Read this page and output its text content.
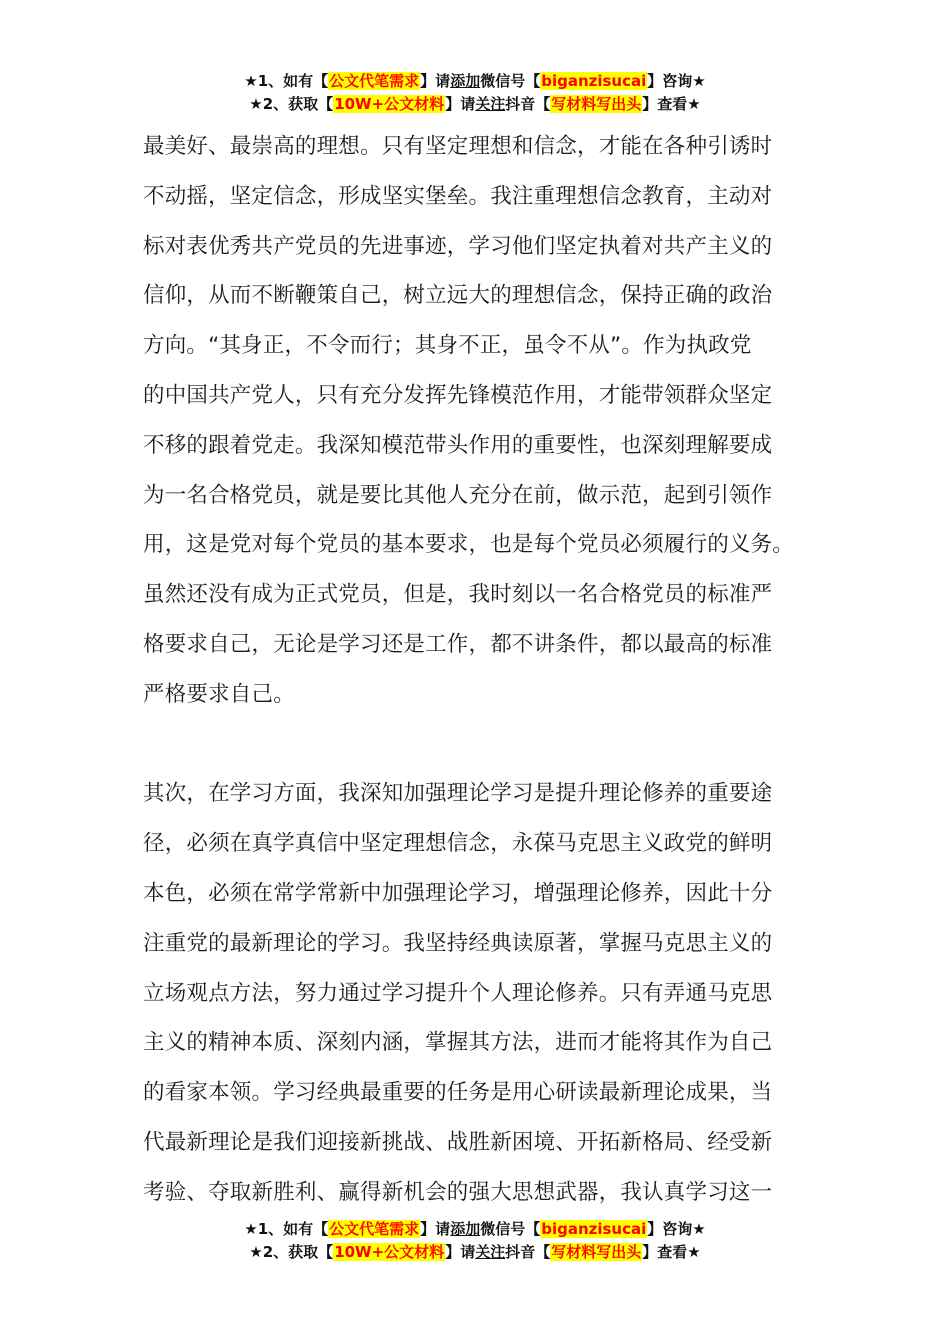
★1、如有【公文代笔需求】请添加微信号【biganzisucai】咨询★
★2、获取【10W+公文材料】请关注抖音【写材料写出头】查看★
最美好、最崇高的理想。只有坚定理想和信念，才能在各种引诱时
不动摇，坚定信念，形成坚实堡垒。我注重理想信念教育，主动对
标对表优秀共产党员的先进事迹，学习他们坚定执着对共产主义的
信仰，从而不断鞭策自己，树立远大的理想信念，保持正确的政治
方向。“其身正，不令而行；其身不正，虽令不从”。作为执政党
的中国共产党人，只有充分发挥先锋模范作用，才能带领群众坚定
不移的跟着党走。我深知模范带头作用的重要性，也深刻理解要成
为一名合格党员，就是要比其他人充分在前，做示范，起到引领作
用，这是党对每个党员的基本要求，也是每个党员必须履行的义务。
虽然还没有成为正式党员，但是，我时刻以一名合格党员的标准严
格要求自己，无论是学习还是工作，都不讲条件，都以最高的标准
严格要求自己。
其次，在学习方面，我深知加强理论学习是提升理论修养的重要途
径，必须在真学真信中坚定理想信念，永葆马克思主义政党的鲜明
本色，必须在常学常新中加强理论学习，增强理论修养，因此十分
注重党的最新理论的学习。我坚持经典读原著，掌握马克思主义的
立场观点方法，努力通过学习提升个人理论修养。只有弄通马克思
主义的精神本质、深刻内涵，掌握其方法，进而才能将其作为自己
的看家本领。学习经典最重要的任务是用心研读最新理论成果，当
代最新理论是我们迎接新挑战、战胜新困境、开拓新格局、经受新
考验、夺取新胜利、赢得新机会的强大思想武器，我认真学习这一
★1、如有【公文代笔需求】请添加微信号【biganzisucai】咨询★
★2、获取【10W+公文材料】请关注抖音【写材料写出头】查看★
